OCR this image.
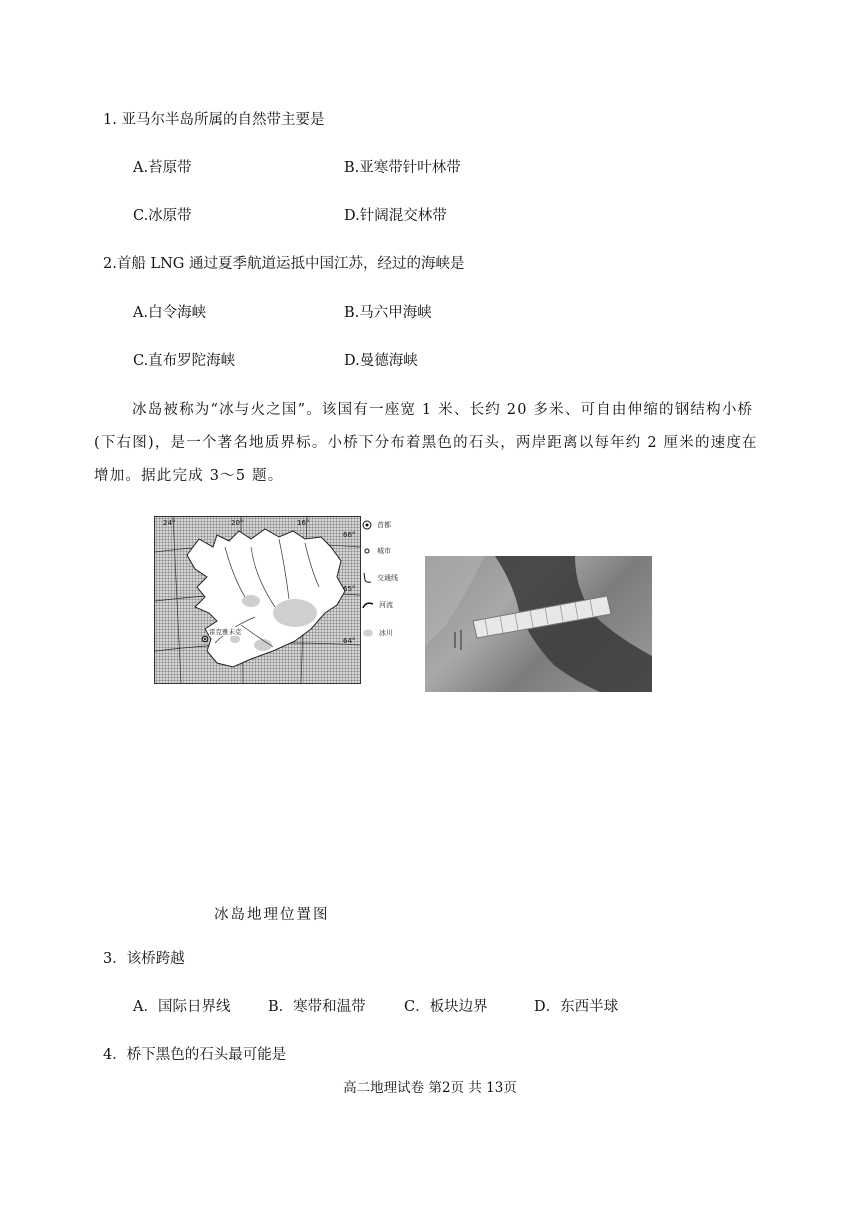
1. 亚马尔半岛所属的自然带主要是
A.苔原带	B.亚寒带针叶林带
C.冰原带	D.针阔混交林带
2.首船 LNG 通过夏季航道运抵中国江苏，经过的海峡是
A.白令海峡	B.马六甲海峡
C.直布罗陀海峡	D.曼德海峡
冰岛被称为“冰与火之国”。该国有一座宽 1 米、长约 20 多米、可自由伸缩的钢结构小桥(下右图)，是一个著名地质界标。小桥下分布着黑色的石头，两岸距离以每年约 2 厘米的速度在增加。据此完成 3～5 题。
24°	20°	16°
66°
65°
64°
雷克雅未克
首都
城市
交通线
河流
冰川
冰岛地理位置图
3．该桥跨越
A．国际日界线	B．寒带和温带	C．板块边界	D．东西半球
4．桥下黑色的石头最可能是
高二地理试卷 第2页 共 13页
